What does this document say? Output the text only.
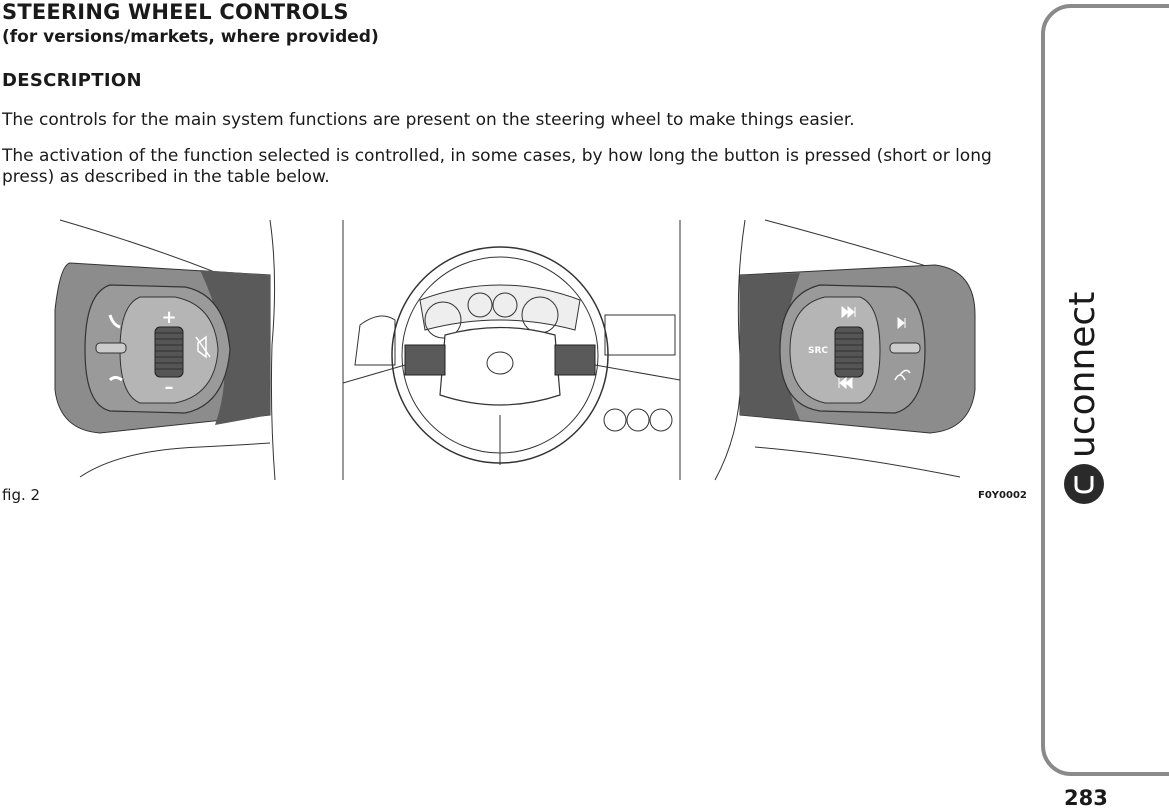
STEERING WHEEL CONTROLS
(for versions/markets, where provided)
DESCRIPTION
The controls for the main system functions are present on the steering wheel to make things easier.
The activation of the function selected is controlled, in some cases, by how long the button is pressed (short or long press) as described in the table below.
+
–
SRC
fig. 2	F0Y0002
uconnect
283
